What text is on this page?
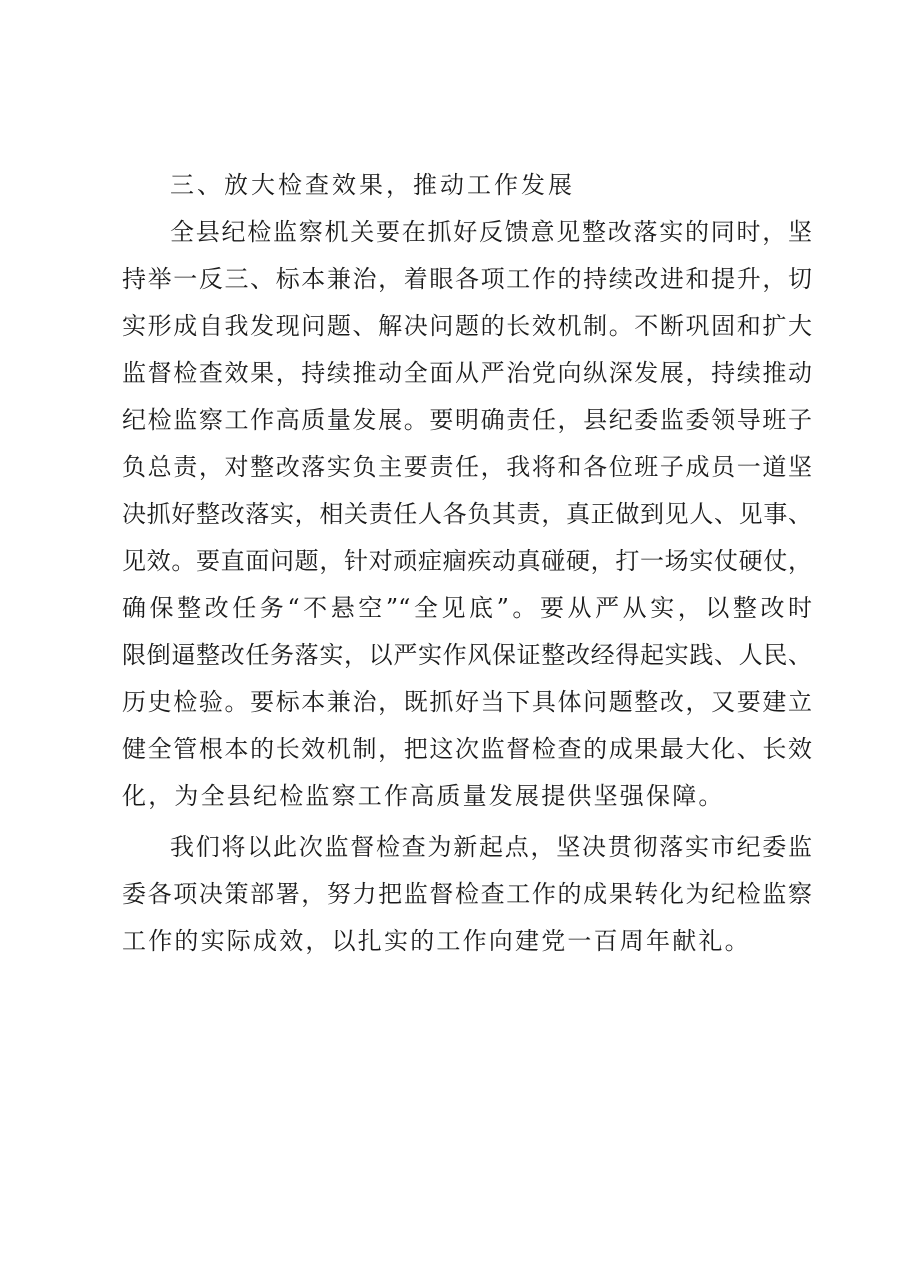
三、放大检查效果，推动工作发展
全县纪检监察机关要在抓好反馈意见整改落实的同时，坚
持举一反三、标本兼治，着眼各项工作的持续改进和提升，切
实形成自我发现问题、解决问题的长效机制。不断巩固和扩大
监督检查效果，持续推动全面从严治党向纵深发展，持续推动
纪检监察工作高质量发展。要明确责任，县纪委监委领导班子
负总责，对整改落实负主要责任，我将和各位班子成员一道坚
决抓好整改落实，相关责任人各负其责，真正做到见人、见事、
见效。要直面问题，针对顽症痼疾动真碰硬，打一场实仗硬仗，
确保整改任务“不悬空”“全见底”。要从严从实，以整改时
限倒逼整改任务落实，以严实作风保证整改经得起实践、人民、
历史检验。要标本兼治，既抓好当下具体问题整改，又要建立
健全管根本的长效机制，把这次监督检查的成果最大化、长效
化，为全县纪检监察工作高质量发展提供坚强保障。
我们将以此次监督检查为新起点，坚决贯彻落实市纪委监
委各项决策部署，努力把监督检查工作的成果转化为纪检监察
工作的实际成效，以扎实的工作向建党一百周年献礼。
